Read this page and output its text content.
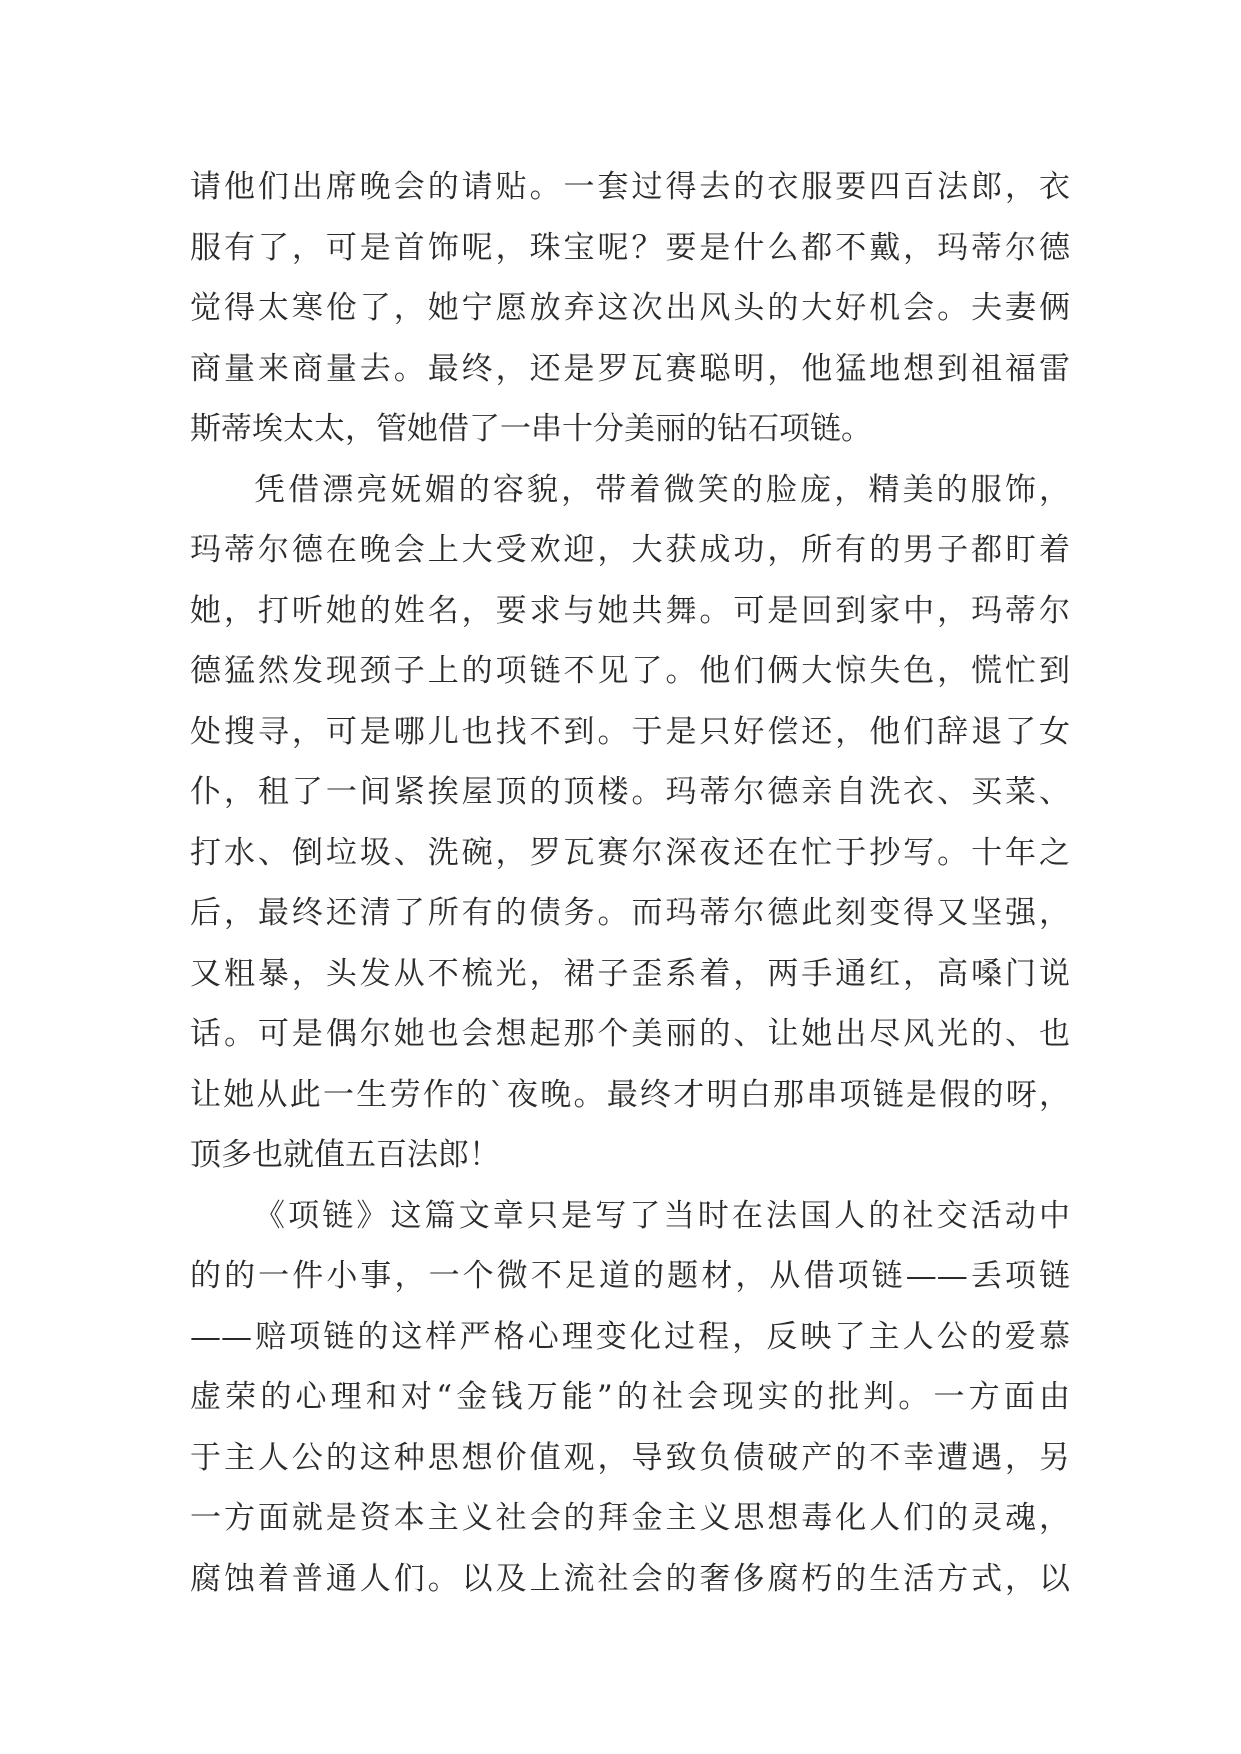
请他们出席晚会的请贴。一套过得去的衣服要四百法郎，衣
服有了，可是首饰呢，珠宝呢？要是什么都不戴，玛蒂尔德
觉得太寒伧了，她宁愿放弃这次出风头的大好机会。夫妻俩
商量来商量去。最终，还是罗瓦赛聪明，他猛地想到祖福雷
斯蒂埃太太，管她借了一串十分美丽的钻石项链。
凭借漂亮妩媚的容貌，带着微笑的脸庞，精美的服饰，
玛蒂尔德在晚会上大受欢迎，大获成功，所有的男子都盯着
她，打听她的姓名，要求与她共舞。可是回到家中，玛蒂尔
德猛然发现颈子上的项链不见了。他们俩大惊失色，慌忙到
处搜寻，可是哪儿也找不到。于是只好偿还，他们辞退了女
仆，租了一间紧挨屋顶的顶楼。玛蒂尔德亲自洗衣、买菜、
打水、倒垃圾、洗碗，罗瓦赛尔深夜还在忙于抄写。十年之
后，最终还清了所有的债务。而玛蒂尔德此刻变得又坚强，
又粗暴，头发从不梳光，裙子歪系着，两手通红，高嗓门说
话。可是偶尔她也会想起那个美丽的、让她出尽风光的、也
让她从此一生劳作的`夜晚。最终才明白那串项链是假的呀，
顶多也就值五百法郎！
《项链》这篇文章只是写了当时在法国人的社交活动中
的的一件小事，一个微不足道的题材，从借项链——丢项链
——赔项链的这样严格心理变化过程，反映了主人公的爱慕
虚荣的心理和对“金钱万能”的社会现实的批判。一方面由
于主人公的这种思想价值观，导致负债破产的不幸遭遇，另
一方面就是资本主义社会的拜金主义思想毒化人们的灵魂，
腐蚀着普通人们。以及上流社会的奢侈腐朽的生活方式，以
